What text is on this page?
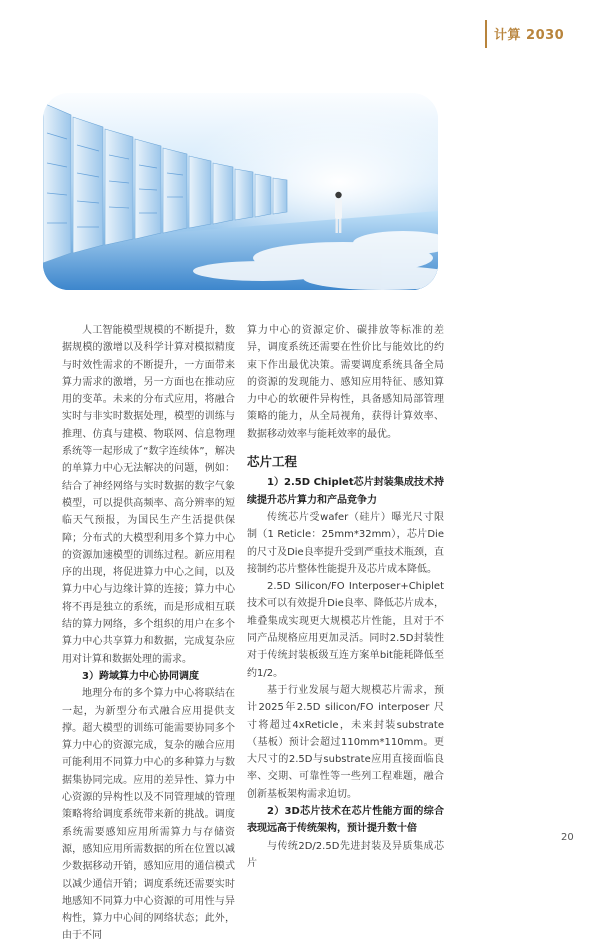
计算 2030

人工智能模型规模的不断提升，数据规模的激增以及科学计算对模拟精度与时效性需求的不断提升，一方面带来算力需求的激增，另一方面也在推动应用的变革。未来的分布式应用，将融合实时与非实时数据处理，模型的训练与推理、仿真与建模、物联网、信息物理系统等一起形成了“数字连续体”，解决的单算力中心无法解决的问题，例如：结合了神经网络与实时数据的数字气象模型，可以提供高频率、高分辨率的短临天气预报，为国民生产生活提供保障；分布式的大模型利用多个算力中心的资源加速模型的训练过程。新应用程序的出现，将促进算力中心之间，以及算力中心与边缘计算的连接；算力中心将不再是独立的系统，而是形成相互联结的算力网络，多个组织的用户在多个算力中心共享算力和数据，完成复杂应用对计算和数据处理的需求。

3）跨域算力中心协同调度

地理分布的多个算力中心将联结在一起，为新型分布式融合应用提供支撑。超大模型的训练可能需要协同多个算力中心的资源完成，复杂的融合应用可能利用不同算力中心的多种算力与数据集协同完成。应用的差异性、算力中心资源的异构性以及不同管理域的管理策略将给调度系统带来新的挑战。调度系统需要感知应用所需算力与存储资源，感知应用所需数据的所在位置以减少数据移动开销，感知应用的通信模式以减少通信开销；调度系统还需要实时地感知不同算力中心资源的可用性与异构性，算力中心间的网络状态；此外，由于不同

算力中心的资源定价、碳排放等标准的差异，调度系统还需要在性价比与能效比的约束下作出最优决策。需要调度系统具备全局的资源的发现能力、感知应用特征、感知算力中心的软硬件异构性，具备感知局部管理策略的能力，从全局视角，获得计算效率、数据移动效率与能耗效率的最优。

芯片工程

1）2.5D Chiplet芯片封装集成技术持续提升芯片算力和产品竞争力

传统芯片受wafer（硅片）曝光尺寸限制（1 Reticle：25mm*32mm），芯片Die的尺寸及Die良率提升受到严重技术瓶颈，直接制约芯片整体性能提升及芯片成本降低。

2.5D Silicon/FO Interposer+Chiplet技术可以有效提升Die良率、降低芯片成本，堆叠集成实现更大规模芯片性能，且对于不同产品规格应用更加灵活。同时2.5D封装性对于传统封装板级互连方案单bit能耗降低至约1/2。

基于行业发展与超大规模芯片需求，预计2025年2.5D silicon/FO interposer 尺寸将超过4xReticle，未来封装substrate（基板）预计会超过110mm*110mm。更大尺寸的2.5D与substrate应用直接面临良率、交期、可靠性等一些列工程难题，融合创新基板架构需求迫切。

2）3D芯片技术在芯片性能方面的综合表现远高于传统架构，预计提升数十倍

与传统2D/2.5D先进封装及异质集成芯片

20
